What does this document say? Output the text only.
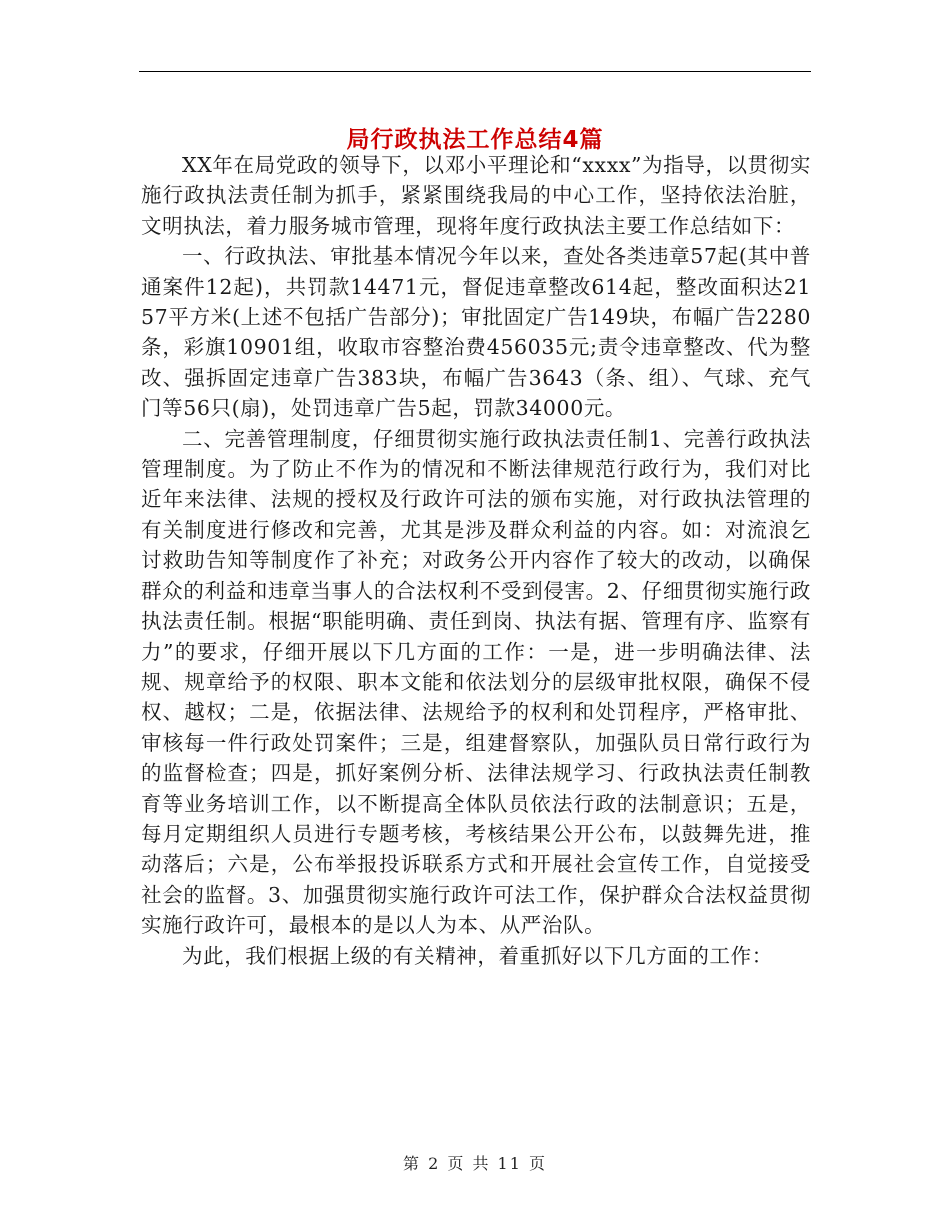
局行政执法工作总结4篇

XX年在局党政的领导下，以邓小平理论和“xxxx”为指导，以贯彻实施行政执法责任制为抓手，紧紧围绕我局的中心工作，坚持依法治脏，文明执法，着力服务城市管理，现将年度行政执法主要工作总结如下：

一、行政执法、审批基本情况今年以来，查处各类违章57起(其中普通案件12起)，共罚款14471元，督促违章整改614起，整改面积达2157平方米(上述不包括广告部分)；审批固定广告149块，布幅广告2280条，彩旗10901组，收取市容整治费456035元;责令违章整改、代为整改、强拆固定违章广告383块，布幅广告3643（条、组）、气球、充气门等56只(扇)，处罚违章广告5起，罚款34000元。

二、完善管理制度，仔细贯彻实施行政执法责任制1、完善行政执法管理制度。为了防止不作为的情况和不断法律规范行政行为，我们对比近年来法律、法规的授权及行政许可法的颁布实施，对行政执法管理的有关制度进行修改和完善，尤其是涉及群众利益的内容。如：对流浪乞讨救助告知等制度作了补充；对政务公开内容作了较大的改动，以确保群众的利益和违章当事人的合法权利不受到侵害。2、仔细贯彻实施行政执法责任制。根据“职能明确、责任到岗、执法有据、管理有序、监察有力”的要求，仔细开展以下几方面的工作：一是，进一步明确法律、法规、规章给予的权限、职本文能和依法划分的层级审批权限，确保不侵权、越权；二是，依据法律、法规给予的权利和处罚程序，严格审批、审核每一件行政处罚案件；三是，组建督察队，加强队员日常行政行为的监督检查；四是，抓好案例分析、法律法规学习、行政执法责任制教育等业务培训工作，以不断提高全体队员依法行政的法制意识；五是，每月定期组织人员进行专题考核，考核结果公开公布，以鼓舞先进，推动落后；六是，公布举报投诉联系方式和开展社会宣传工作，自觉接受社会的监督。3、加强贯彻实施行政许可法工作，保护群众合法权益贯彻实施行政许可，最根本的是以人为本、从严治队。

为此，我们根据上级的有关精神，着重抓好以下几方面的工作：

第 2 页 共 11 页
